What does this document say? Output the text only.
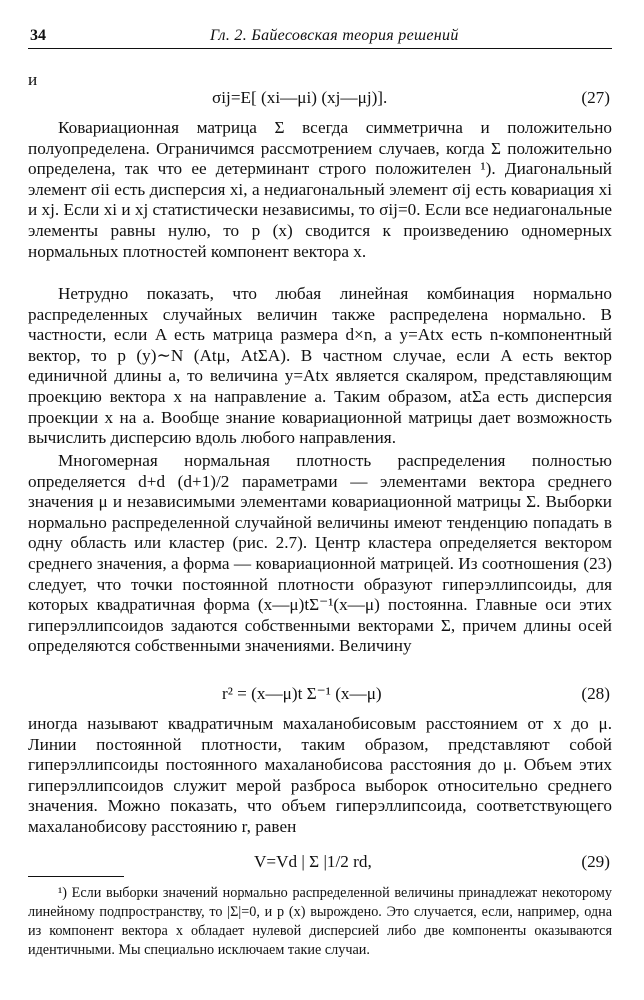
34	Гл. 2. Байесовская теория решений
и
σij=E[ (xi—μi) (xj—μj)].	(27)

Ковариационная матрица Σ всегда симметрична и положительно полуопределена. Ограничимся рассмотрением случаев, когда Σ положительно определена, так что ее детерминант строго положителен ¹). Диагональный элемент σii есть дисперсия xi, а недиагональный элемент σij есть ковариация xi и xj. Если xi и xj статистически независимы, то σij=0. Если все недиагональные элементы равны нулю, то p (x) сводится к произведению одномерных нормальных плотностей компонент вектора x.

Нетрудно показать, что любая линейная комбинация нормально распределенных случайных величин также распределена нормально. В частности, если A есть матрица размера d×n, а y=Atx есть n-компонентный вектор, то p (y)∼N (Atμ, AtΣA). В частном случае, если A есть вектор единичной длины a, то величина y=Atx является скаляром, представляющим проекцию вектора x на направление a. Таким образом, atΣa есть дисперсия проекции x на a. Вообще знание ковариационной матрицы дает возможность вычислить дисперсию вдоль любого направления.

Многомерная нормальная плотность распределения полностью определяется d+d (d+1)/2 параметрами — элементами вектора среднего значения μ и независимыми элементами ковариационной матрицы Σ. Выборки нормально распределенной случайной величины имеют тенденцию попадать в одну область или кластер (рис. 2.7). Центр кластера определяется вектором среднего значения, а форма — ковариационной матрицей. Из соотношения (23) следует, что точки постоянной плотности образуют гиперэллипсоиды, для которых квадратичная форма (x—μ)tΣ⁻¹(x—μ) постоянна. Главные оси этих гиперэллипсоидов задаются собственными векторами Σ, причем длины осей определяются собственными значениями. Величину

r² = (x—μ)t Σ⁻¹ (x—μ)	(28)

иногда называют квадратичным махаланобисовым расстоянием от x до μ. Линии постоянной плотности, таким образом, представляют собой гиперэллипсоиды постоянного махаланобисова расстояния до μ. Объем этих гиперэллипсоидов служит мерой разброса выборок относительно среднего значения. Можно показать, что объем гиперэллипсоида, соответствующего махаланобисову расстоянию r, равен

V=Vd | Σ |1/2 rd,	(29)
¹) Если выборки значений нормально распределенной величины принадлежат некоторому линейному подпространству, то |Σ|=0, и p (x) вырождено. Это случается, если, например, одна из компонент вектора x обладает нулевой дисперсией либо две компоненты оказываются идентичными. Мы специально исключаем такие случаи.
